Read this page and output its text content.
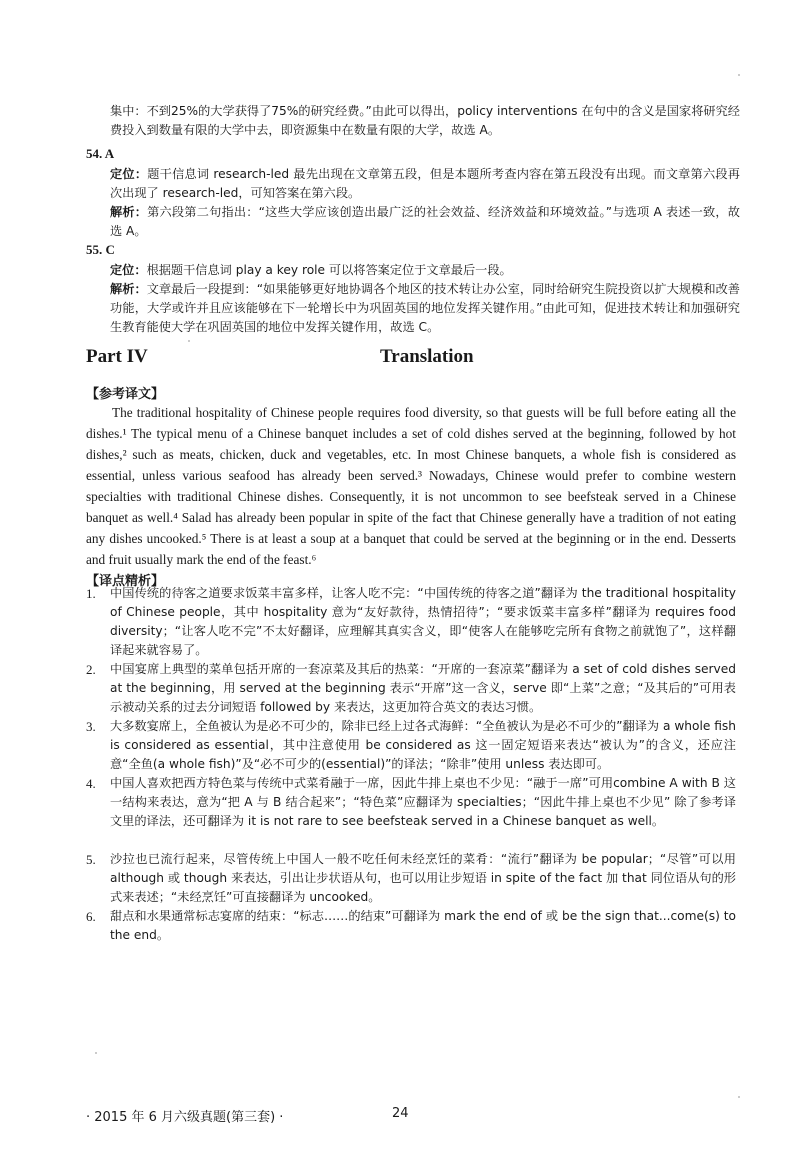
集中：不到25%的大学获得了75%的研究经费。”由此可以得出，policy interventions 在句中的含义是国家将研究经费投入到数量有限的大学中去，即资源集中在数量有限的大学，故选 A。

54. A

定位：题干信息词 research-led 最先出现在文章第五段，但是本题所考查内容在第五段没有出现。而文章第六段再次出现了 research-led，可知答案在第六段。

解析：第六段第二句指出：“这些大学应该创造出最广泛的社会效益、经济效益和环境效益。”与选项 A 表述一致，故选 A。

55. C

定位：根据题干信息词 play a key role 可以将答案定位于文章最后一段。

解析：文章最后一段提到：“如果能够更好地协调各个地区的技术转让办公室，同时给研究生院投资以扩大规模和改善功能，大学或许并且应该能够在下一轮增长中为巩固英国的地位发挥关键作用。”由此可知，促进技术转让和加强研究生教育能使大学在巩固英国的地位中发挥关键作用，故选 C。

Part IV	Translation
【参考译文】

The traditional hospitality of Chinese people requires food diversity, so that guests will be full before eating all the dishes.¹ The typical menu of a Chinese banquet includes a set of cold dishes served at the beginning, followed by hot dishes,² such as meats, chicken, duck and vegetables, etc. In most Chinese banquets, a whole fish is considered as essential, unless various seafood has already been served.³ Nowadays, Chinese would prefer to combine western specialties with traditional Chinese dishes. Consequently, it is not uncommon to see beefsteak served in a Chinese banquet as well.⁴ Salad has already been popular in spite of the fact that Chinese generally have a tradition of not eating any dishes uncooked.⁵ There is at least a soup at a banquet that could be served at the beginning or in the end. Desserts and fruit usually mark the end of the feast.⁶

【译点精析】
1. 中国传统的待客之道要求饭菜丰富多样，让客人吃不完：“中国传统的待客之道”翻译为 the traditional hospitality of Chinese people，其中 hospitality 意为“友好款待，热情招待”；“要求饭菜丰富多样”翻译为 requires food diversity；“让客人吃不完”不太好翻译，应理解其真实含义，即“使客人在能够吃完所有食物之前就饱了”，这样翻译起来就容易了。
2. 中国宴席上典型的菜单包括开席的一套凉菜及其后的热菜：“开席的一套凉菜”翻译为 a set of cold dishes served at the beginning，用 served at the beginning 表示“开席”这一含义，serve 即“上菜”之意；“及其后的”可用表示被动关系的过去分词短语 followed by 来表达，这更加符合英文的表达习惯。
3. 大多数宴席上，全鱼被认为是必不可少的，除非已经上过各式海鲜：“全鱼被认为是必不可少的”翻译为 a whole fish is considered as essential，其中注意使用 be considered as 这一固定短语来表达“被认为”的含义，还应注意“全鱼(a whole fish)”及“必不可少的(essential)”的译法；“除非”使用 unless 表达即可。
4. 中国人喜欢把西方特色菜与传统中式菜肴融于一席，因此牛排上桌也不少见：“融于一席”可用combine A with B 这一结构来表达，意为“把 A 与 B 结合起来”；“特色菜”应翻译为 specialties；“因此牛排上桌也不少见” 除了参考译文里的译法，还可翻译为 it is not rare to see beefsteak served in a Chinese banquet as well。
5. 沙拉也已流行起来，尽管传统上中国人一般不吃任何未经烹饪的菜肴：“流行”翻译为 be popular；“尽管”可以用 although 或 though 来表达，引出让步状语从句，也可以用让步短语 in spite of the fact 加 that 同位语从句的形式来表述；“未经烹饪”可直接翻译为 uncooked。
6. 甜点和水果通常标志宴席的结束：“标志……的结束”可翻译为 mark the end of 或 be the sign that...come(s) to the end。
· 2015 年 6 月六级真题(第三套) ·	24
